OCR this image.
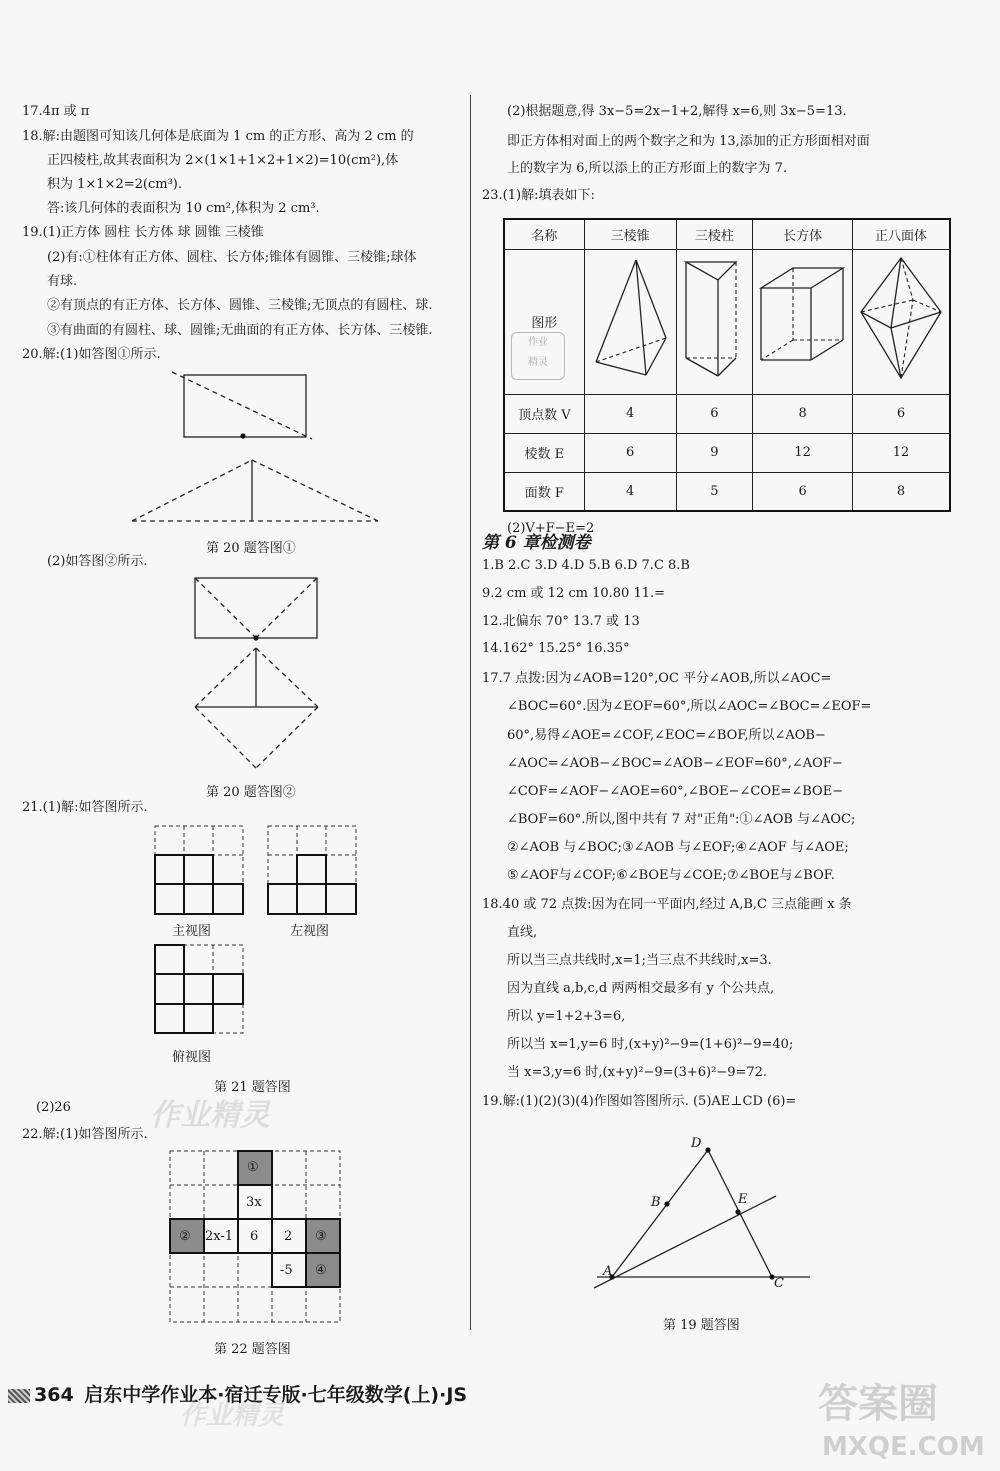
17.4π 或 π
18.解:由题图可知该几何体是底面为 1 cm 的正方形、高为 2 cm 的
正四棱柱,故其表面积为 2×(1×1+1×2+1×2)=10(cm²),体
积为 1×1×2=2(cm³).
答:该几何体的表面积为 10 cm²,体积为 2 cm³.
19.(1)正方体 圆柱 长方体 球 圆锥 三棱锥
(2)有:①柱体有正方体、圆柱、长方体;锥体有圆锥、三棱锥;球体
有球.
②有顶点的有正方体、长方体、圆锥、三棱锥;无顶点的有圆柱、球.
③有曲面的有圆柱、球、圆锥;无曲面的有正方体、长方体、三棱锥.
20.解:(1)如答图①所示.
第 20 题答图①
(2)如答图②所示.
第 20 题答图②
21.(1)解:如答图所示.
主视图	左视图
俯视图
第 21 题答图
(2)26
22.解:(1)如答图所示.
①
3x
② 2x-1 6 2 ③
-5 ④
第 22 题答图
(2)根据题意,得 3x−5=2x−1+2,解得 x=6,则 3x−5=13.
即正方体相对面上的两个数字之和为 13,添加的正方形面相对面
上的数字为 6,所以添上的正方形面上的数字为 7.
23.(1)解:填表如下:
名称	三棱锥	三棱柱	长方体	正八面体
图形
作业
精灵

顶点数 V	4	6	8	6
棱数 E	6	9	12	12
面数 F	4	5	6	8
(2)V+F−E=2
第 6 章检测卷
1.B 2.C 3.D 4.D 5.B 6.D 7.C 8.B
9.2 cm 或 12 cm 10.80 11.=
12.北偏东 70° 13.7 或 13
14.162° 15.25° 16.35°
17.7 点拨:因为∠AOB=120°,OC 平分∠AOB,所以∠AOC=
∠BOC=60°.因为∠EOF=60°,所以∠AOC=∠BOC=∠EOF=
60°,易得∠AOE=∠COF,∠EOC=∠BOF,所以∠AOB−
∠AOC=∠AOB−∠BOC=∠AOB−∠EOF=60°,∠AOF−
∠COF=∠AOF−∠AOE=60°,∠BOE−∠COE=∠BOE−
∠BOF=60°.所以,图中共有 7 对"正角":①∠AOB 与∠AOC;
②∠AOB 与∠BOC;③∠AOB 与∠EOF;④∠AOF 与∠AOE;
⑤∠AOF与∠COF;⑥∠BOE与∠COE;⑦∠BOE与∠BOF.
18.40 或 72 点拨:因为在同一平面内,经过 A,B,C 三点能画 x 条
直线,
所以当三点共线时,x=1;当三点不共线时,x=3.
因为直线 a,b,c,d 两两相交最多有 y 个公共点,
所以 y=1+2+3=6,
所以当 x=1,y=6 时,(x+y)²−9=(1+6)²−9=40;
当 x=3,y=6 时,(x+y)²−9=(3+6)²−9=72.
19.解:(1)(2)(3)(4)作图如答图所示. (5)AE⊥CD (6)=
D
B	E
A
C
第 19 题答图
364 启东中学作业本·宿迁专版·七年级数学(上)·JS
作业精灵
作业精灵	答案圈
MXQE.COM
